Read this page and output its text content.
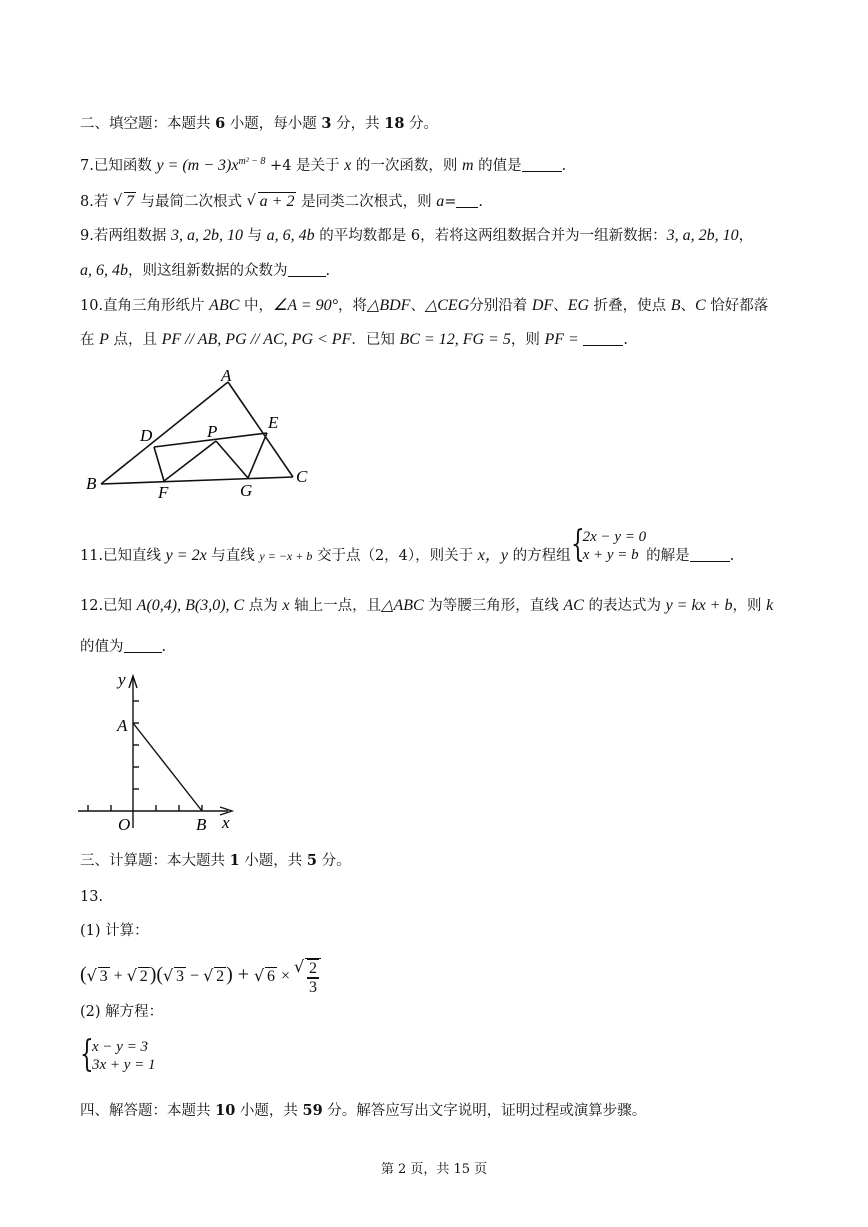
二、填空题：本题共 6 小题，每小题 3 分，共 18 分。
7.已知函数 $y = (m - 3)x^{m^2 - 8} +4$ 是关于 x 的一次函数，则 m 的值是	.
8.若 √ 7 与最简二次根式 √ a + 2 是同类二次根式，则 a= .
9.若两组数据 3, a, 2b, 10 与 a, 6, 4b 的平均数都是 6，若将这两组数据合并为一组新数据：3, a, 2b, 10，
a, 6, 4b，则这组新数据的众数为	.
10.直角三角形纸片 ABC 中，∠A = 90°，将△BDF、△CEG分别沿着 DF、EG 折叠，使点 B、C 恰好都落
在 P 点，且 PF // AB, PG // AC, PG < PF．已知 BC = 12, FG = 5，则 PF =	.
A
B	C
D
E
F	G
P
11.已知直线 y = 2x 与直线 y = −x + b 交于点（2，4），则关于 x，y 的方程组 {
2x − y = 0
x + y = b 的解是	.
12.已知 A(0,4), B(3,0), C 点为 x 轴上一点，且△ABC 为等腰三角形，直线 AC 的表达式为 y = kx + b，则 k
的值为	.
y
A
O	B x
三、计算题：本大题共 1 小题，共 5 分。
13.
(1) 计算：
( √ 3 + √ 2 )( √ 3 − √ 2 ) + √ 6 × √ $\frac{2}{3}$
(2) 解方程：
{
x − y = 3
3x + y = 1
四、解答题：本题共 10 小题，共 59 分。解答应写出文字说明，证明过程或演算步骤。
第 2 页，共 15 页
